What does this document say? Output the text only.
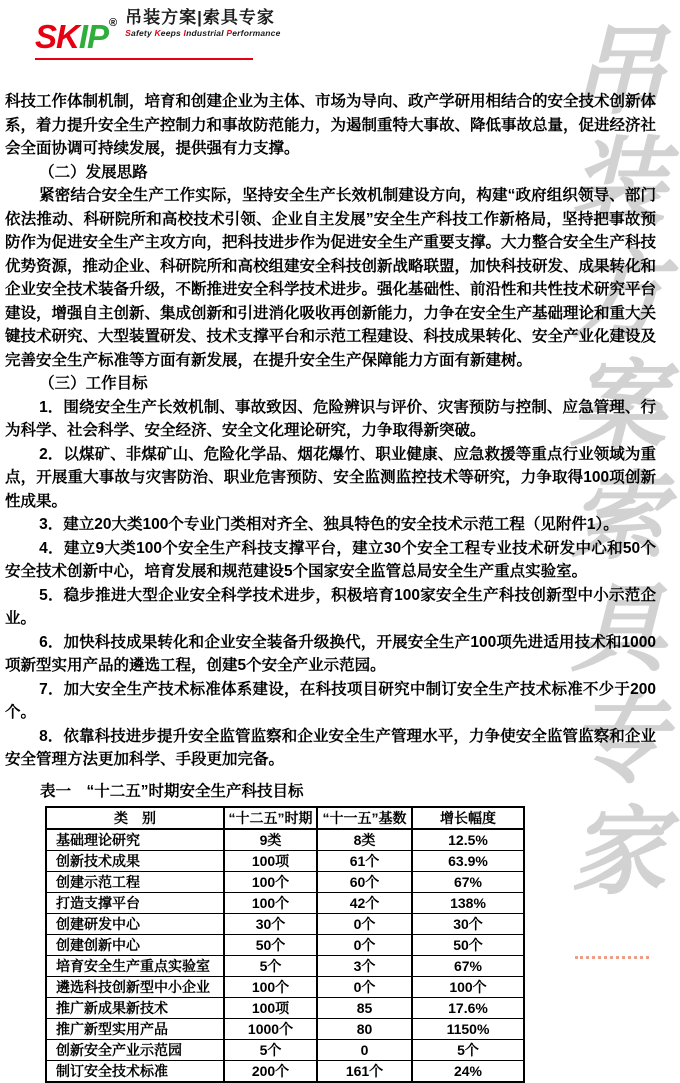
吊
装
方
案
索
具
专
家
SKIP® 吊装方案|索具专家
Safety Keeps Industrial Performance

科技工作体制机制，培育和创建企业为主体、市场为导向、政产学研用相结合的安全技术创新体系，着力提升安全生产控制力和事故防范能力，为遏制重特大事故、降低事故总量，促进经济社会全面协调可持续发展，提供强有力支撑。

（二）发展思路

紧密结合安全生产工作实际，坚持安全生产长效机制建设方向，构建“政府组织领导、部门依法推动、科研院所和高校技术引领、企业自主发展”安全生产科技工作新格局，坚持把事故预防作为促进安全生产主攻方向，把科技进步作为促进安全生产重要支撑。大力整合安全生产科技优势资源，推动企业、科研院所和高校组建安全科技创新战略联盟，加快科技研发、成果转化和企业安全技术装备升级，不断推进安全科学技术进步。强化基础性、前沿性和共性技术研究平台建设，增强自主创新、集成创新和引进消化吸收再创新能力，力争在安全生产基础理论和重大关键技术研究、大型装置研发、技术支撑平台和示范工程建设、科技成果转化、安全产业化建设及完善安全生产标准等方面有新发展，在提升安全生产保障能力方面有新建树。

（三）工作目标

1．围绕安全生产长效机制、事故致因、危险辨识与评价、灾害预防与控制、应急管理、行为科学、社会科学、安全经济、安全文化理论研究，力争取得新突破。

2．以煤矿、非煤矿山、危险化学品、烟花爆竹、职业健康、应急救援等重点行业领域为重点，开展重大事故与灾害防治、职业危害预防、安全监测监控技术等研究，力争取得100项创新性成果。

3．建立20大类100个专业门类相对齐全、独具特色的安全技术示范工程（见附件1）。

4．建立9大类100个安全生产科技支撑平台，建立30个安全工程专业技术研发中心和50个安全技术创新中心，培育发展和规范建设5个国家安全监管总局安全生产重点实验室。

5．稳步推进大型企业安全科学技术进步，积极培育100家安全生产科技创新型中小示范企业。

6．加快科技成果转化和企业安全装备升级换代，开展安全生产100项先进适用技术和1000项新型实用产品的遴选工程，创建5个安全产业示范园。

7．加大安全生产技术标准体系建设，在科技项目研究中制订安全生产技术标准不少于200个。

8．依靠科技进步提升安全监管监察和企业安全生产管理水平，力争使安全监管监察和企业安全管理方法更加科学、手段更加完备。

表一　“十二五”时期安全生产科技目标
类　别	“十二五”时期	“十一五”基数	增长幅度
基础理论研究	9类	8类	12.5%
创新技术成果	100项	61个	63.9%
创建示范工程	100个	60个	67%
打造支撑平台	100个	42个	138%
创建研发中心	30个	0个	30个
创建创新中心	50个	0个	50个
培育安全生产重点实验室	5个	3个	67%
遴选科技创新型中小企业	100个	0个	100个
推广新成果新技术	100项	85	17.6%
推广新型实用产品	1000个	80	1150%
创新安全产业示范园	5个	0	5个
制订安全技术标准	200个	161个	24%
